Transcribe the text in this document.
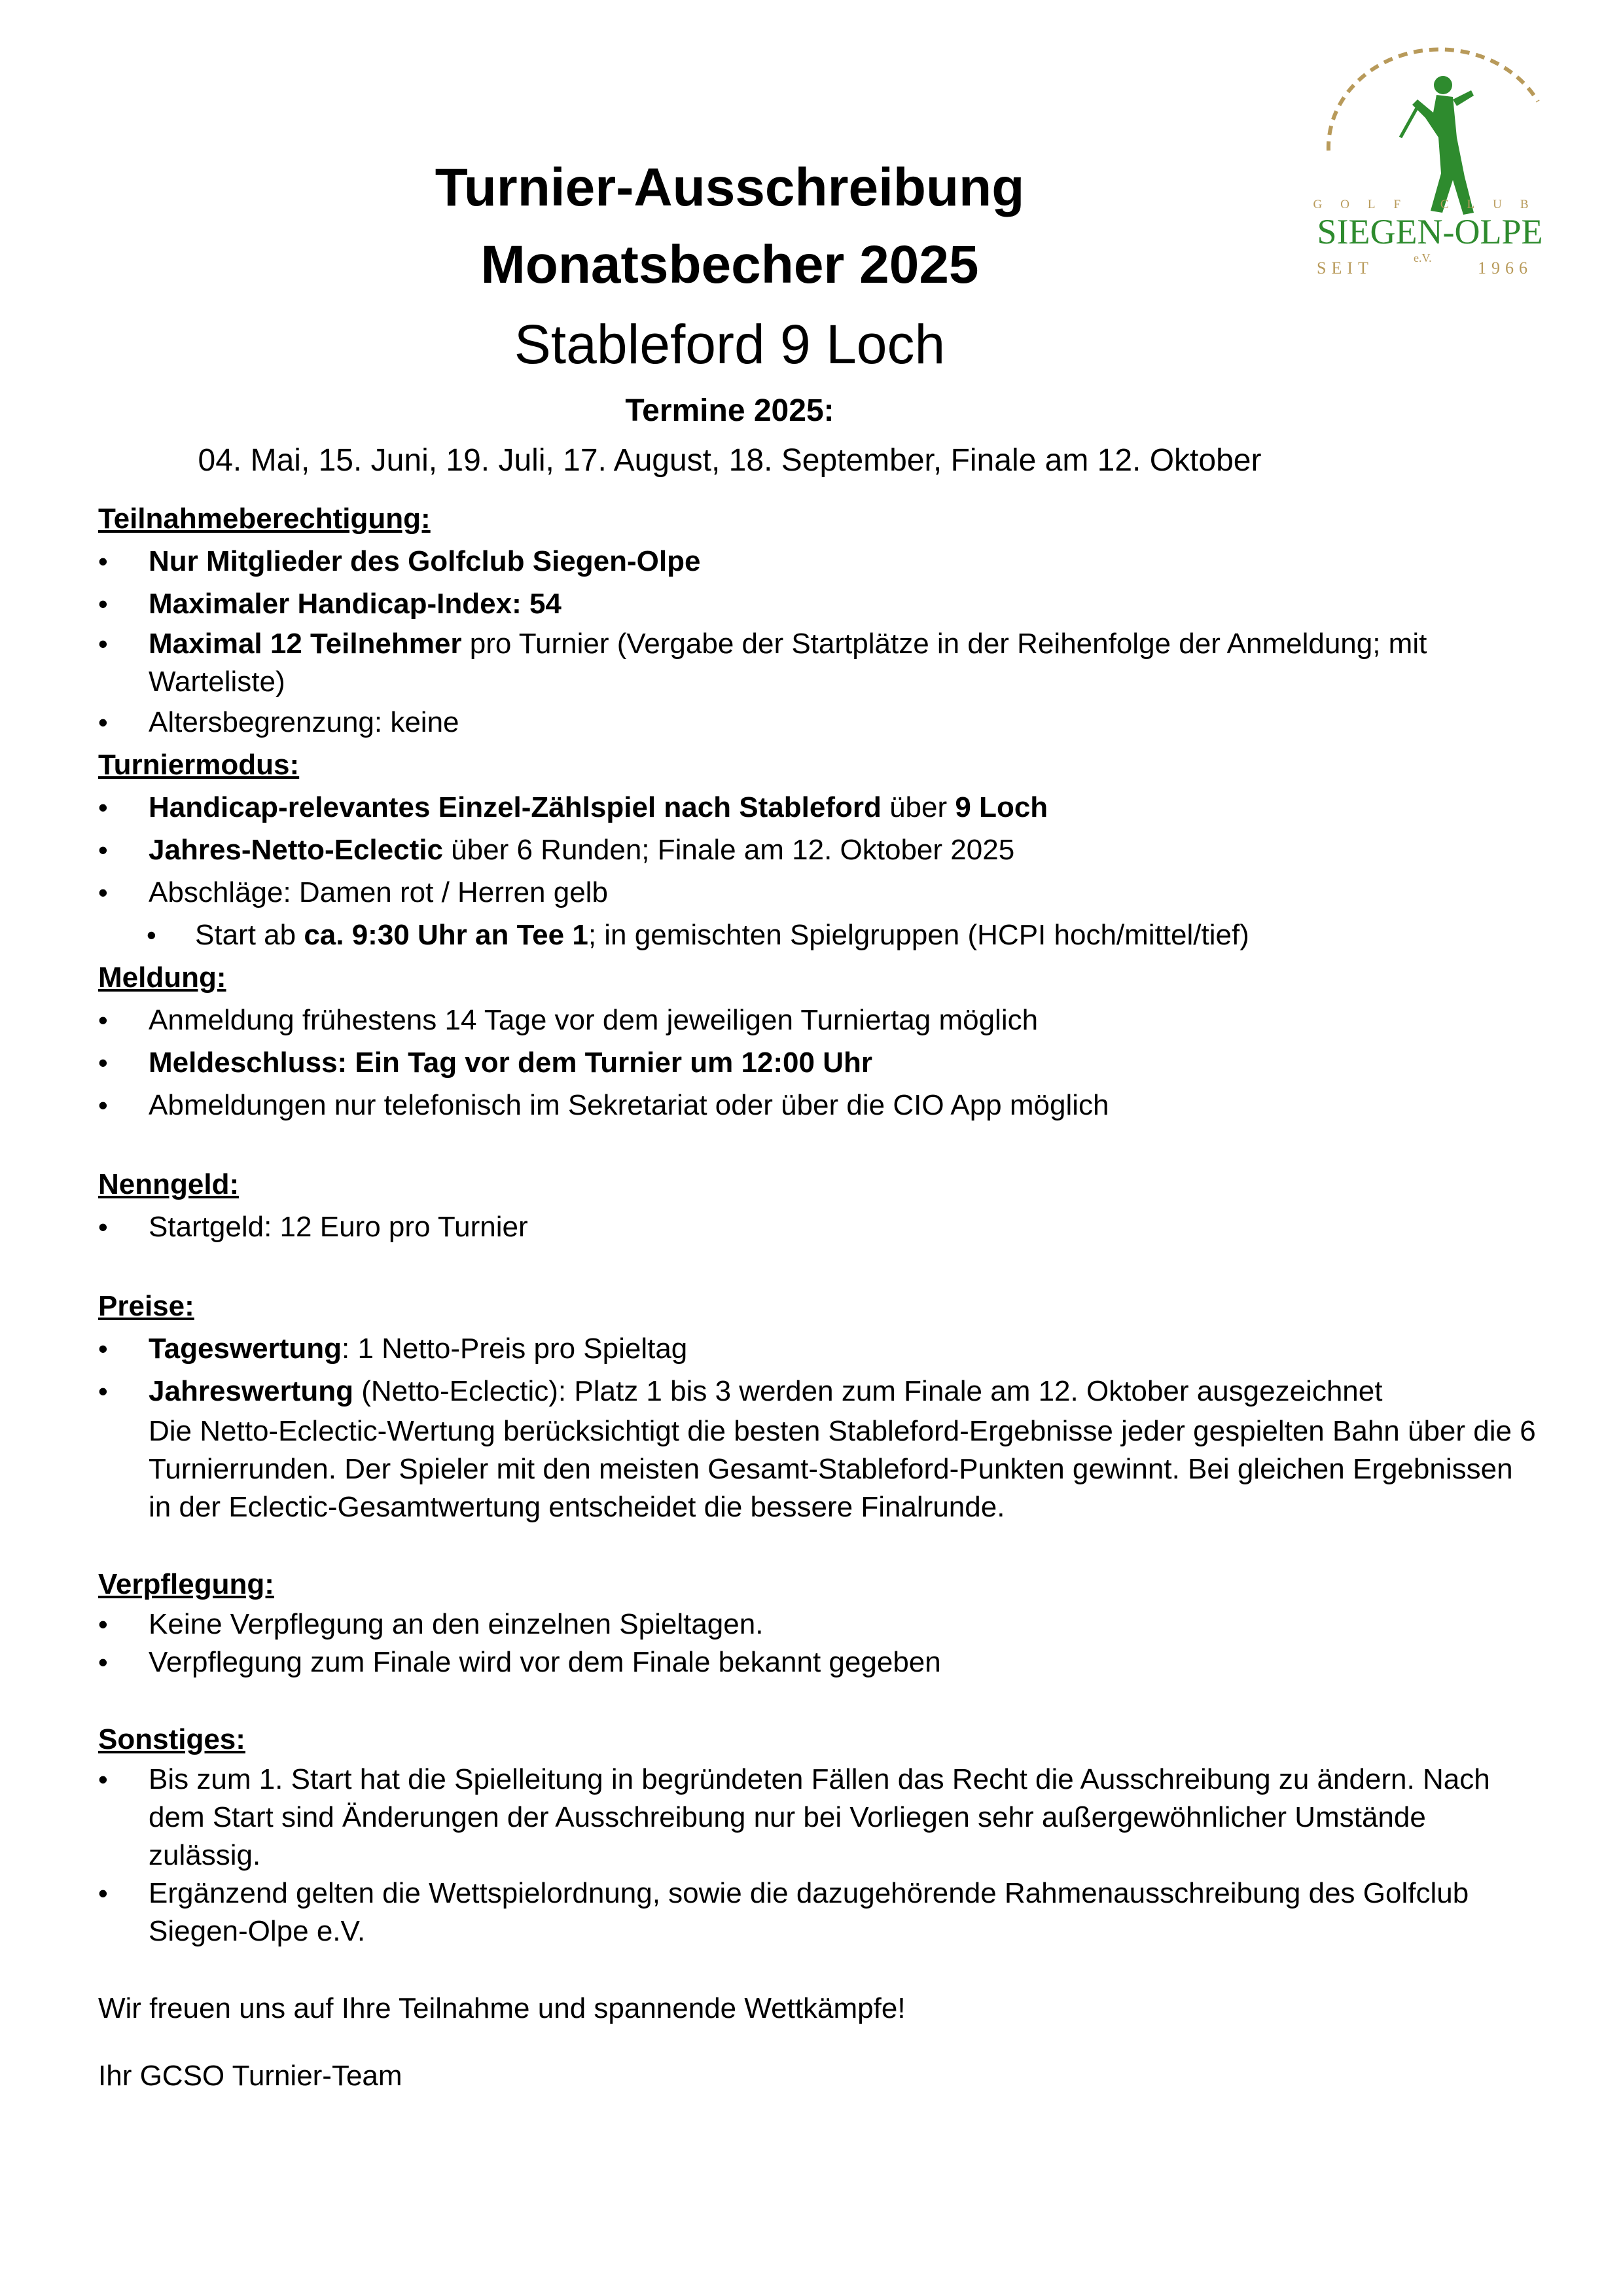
GOLF CLUB
SIEGEN-OLPE
SEIT
e.V.
1966
Turnier-Ausschreibung
Monatsbecher 2025
Stableford 9 Loch
Termine 2025:
04. Mai, 15. Juni, 19. Juli, 17. August, 18. September, Finale am 12. Oktober
Teilnahmeberechtigung:
• Nur Mitglieder des Golfclub Siegen-Olpe
• Maximaler Handicap-Index: 54
• Maximal 12 Teilnehmer pro Turnier (Vergabe der Startplätze in der Reihenfolge der Anmeldung; mit Warteliste)
• Altersbegrenzung: keine
Turniermodus:
• Handicap-relevantes Einzel-Zählspiel nach Stableford über 9 Loch
• Jahres-Netto-Eclectic über 6 Runden; Finale am 12. Oktober 2025
• Abschläge: Damen rot / Herren gelb
• Start ab ca. 9:30 Uhr an Tee 1; in gemischten Spielgruppen (HCPI hoch/mittel/tief)
Meldung:
• Anmeldung frühestens 14 Tage vor dem jeweiligen Turniertag möglich
• Meldeschluss: Ein Tag vor dem Turnier um 12:00 Uhr
• Abmeldungen nur telefonisch im Sekretariat oder über die CIO App möglich
Nenngeld:
• Startgeld: 12 Euro pro Turnier
Preise:
• Tageswertung: 1 Netto-Preis pro Spieltag
• Jahreswertung (Netto-Eclectic): Platz 1 bis 3 werden zum Finale am 12. Oktober ausgezeichnet
Die Netto-Eclectic-Wertung berücksichtigt die besten Stableford-Ergebnisse jeder gespielten Bahn über die 6 Turnierrunden. Der Spieler mit den meisten Gesamt-Stableford-Punkten gewinnt. Bei gleichen Ergebnissen in der Eclectic-Gesamtwertung entscheidet die bessere Finalrunde.
Verpflegung:
• Keine Verpflegung an den einzelnen Spieltagen.
• Verpflegung zum Finale wird vor dem Finale bekannt gegeben
Sonstiges:
• Bis zum 1. Start hat die Spielleitung in begründeten Fällen das Recht die Ausschreibung zu ändern. Nach dem Start sind Änderungen der Ausschreibung nur bei Vorliegen sehr außergewöhnlicher Umstände zulässig.
• Ergänzend gelten die Wettspielordnung, sowie die dazugehörende Rahmenausschreibung des Golfclub Siegen-Olpe e.V.

Wir freuen uns auf Ihre Teilnahme und spannende Wettkämpfe!

Ihr GCSO Turnier-Team
